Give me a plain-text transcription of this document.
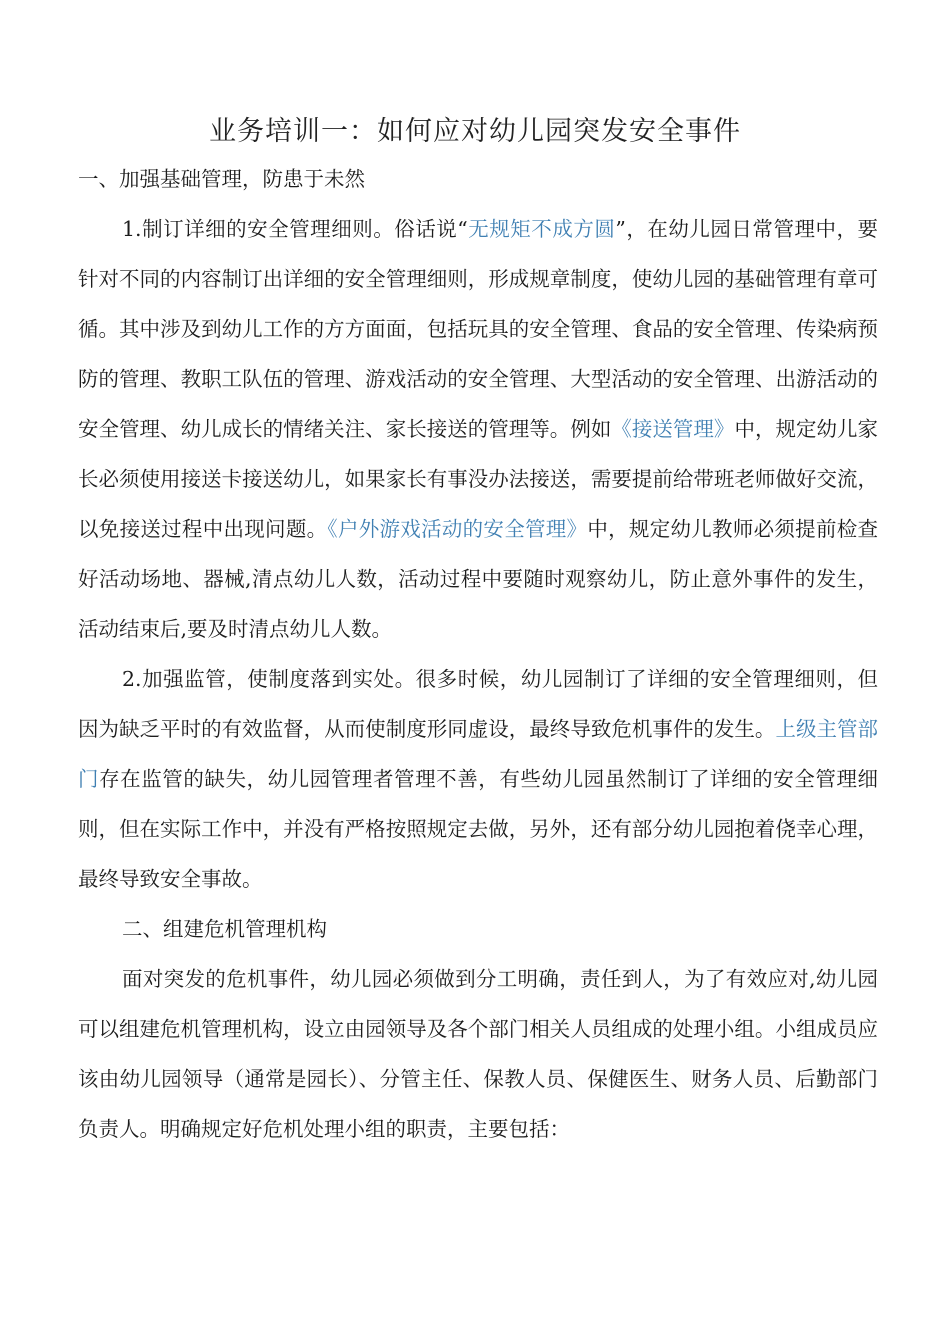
业务培训一：如何应对幼儿园突发安全事件

一、加强基础管理，防患于未然

1.制订详细的安全管理细则。俗话说“无规矩不成方圆”，在幼儿园日常管理中，要针对不同的内容制订出详细的安全管理细则，形成规章制度，使幼儿园的基础管理有章可循。其中涉及到幼儿工作的方方面面，包括玩具的安全管理、食品的安全管理、传染病预防的管理、教职工队伍的管理、游戏活动的安全管理、大型活动的安全管理、出游活动的安全管理、幼儿成长的情绪关注、家长接送的管理等。例如《接送管理》中，规定幼儿家长必须使用接送卡接送幼儿，如果家长有事没办法接送，需要提前给带班老师做好交流，以免接送过程中出现问题。《户外游戏活动的安全管理》中，规定幼儿教师必须提前检查好活动场地、器械,清点幼儿人数，活动过程中要随时观察幼儿，防止意外事件的发生，活动结束后,要及时清点幼儿人数。

2.加强监管，使制度落到实处。很多时候，幼儿园制订了详细的安全管理细则，但因为缺乏平时的有效监督，从而使制度形同虚设，最终导致危机事件的发生。上级主管部门存在监管的缺失，幼儿园管理者管理不善，有些幼儿园虽然制订了详细的安全管理细则，但在实际工作中，并没有严格按照规定去做，另外，还有部分幼儿园抱着侥幸心理，最终导致安全事故。

二、组建危机管理机构

面对突发的危机事件，幼儿园必须做到分工明确，责任到人，为了有效应对,幼儿园可以组建危机管理机构，设立由园领导及各个部门相关人员组成的处理小组。小组成员应该由幼儿园领导（通常是园长）、分管主任、保教人员、保健医生、财务人员、后勤部门负责人。明确规定好危机处理小组的职责，主要包括：
